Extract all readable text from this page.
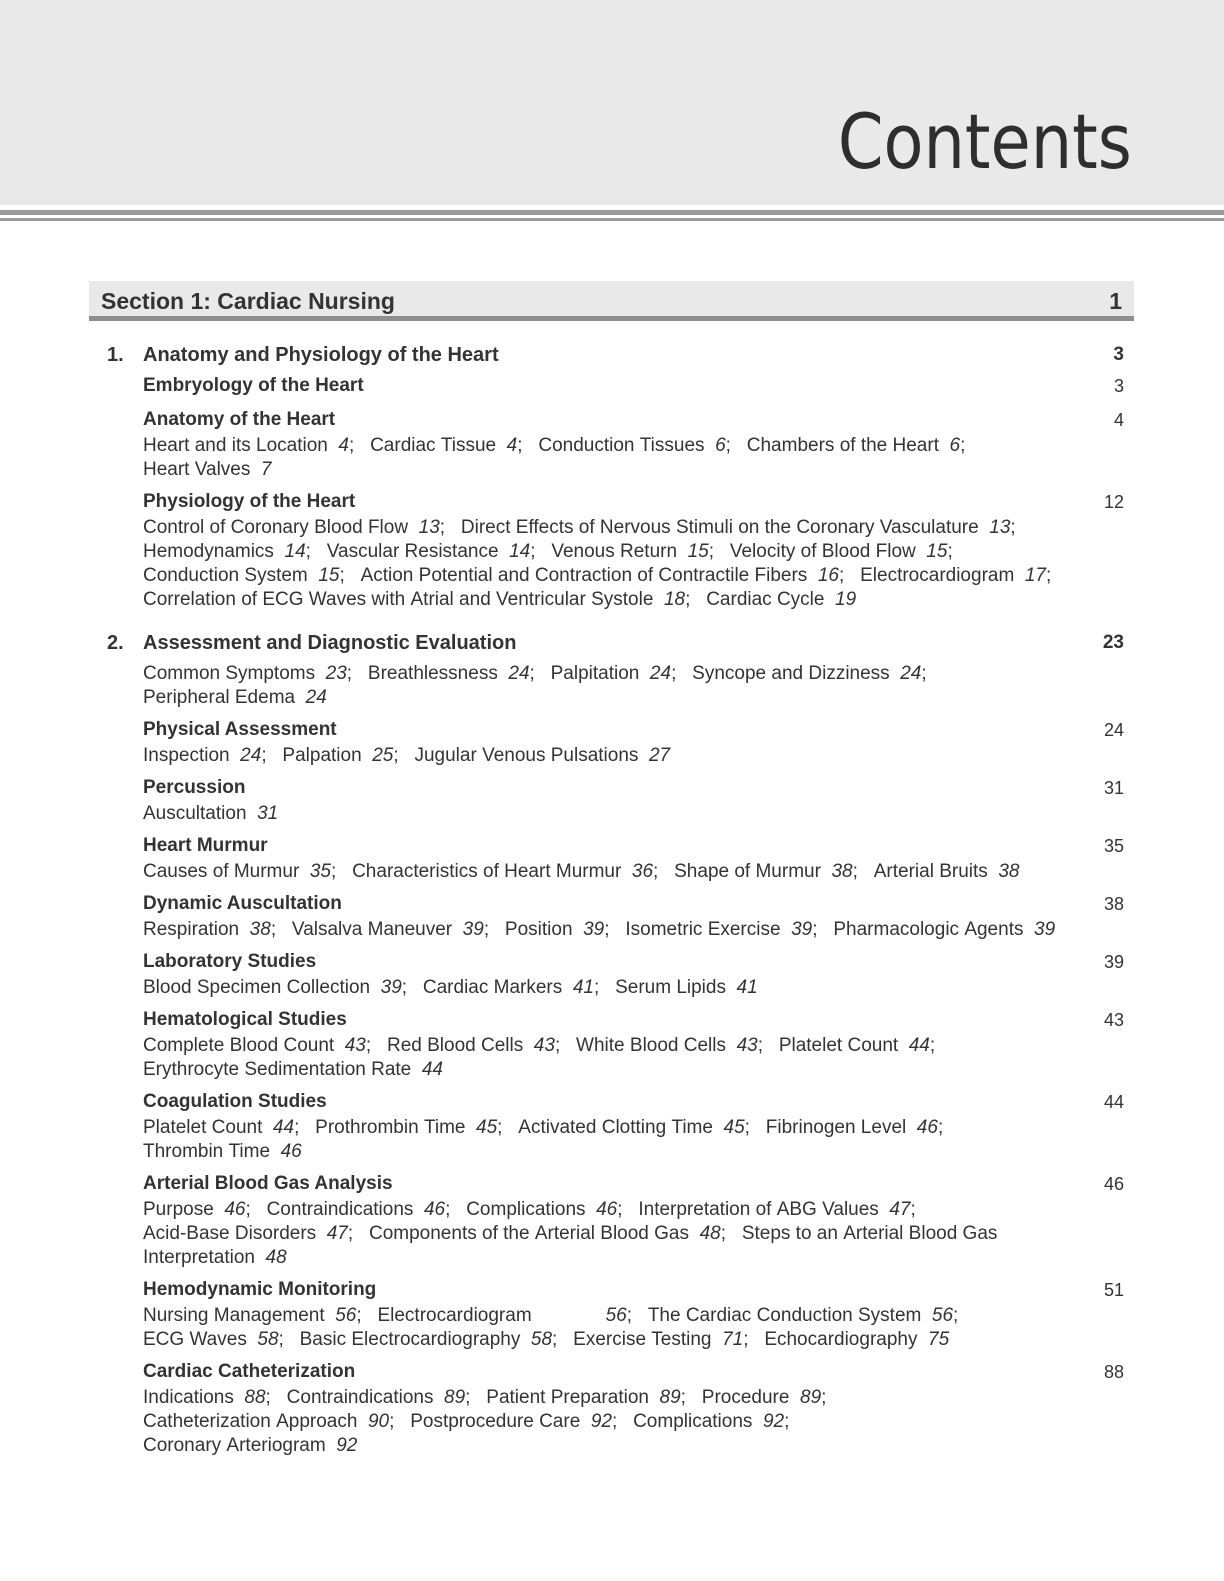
Contents
Section 1: Cardiac Nursing	1
1. Anatomy and Physiology of the Heart	3
Embryology of the Heart	3
Anatomy of the Heart	4
Heart and its Location  4;   Cardiac Tissue  4;   Conduction Tissues  6;   Chambers of the Heart  6;
Heart Valves  7
Physiology of the Heart	12
Control of Coronary Blood Flow  13;   Direct Effects of Nervous Stimuli on the Coronary Vasculature  13;
Hemodynamics  14;   Vascular Resistance  14;   Venous Return  15;   Velocity of Blood Flow  15;
Conduction System  15;   Action Potential and Contraction of Contractile Fibers  16;   Electrocardiogram  17;
Correlation of ECG Waves with Atrial and Ventricular Systole  18;   Cardiac Cycle  19
2. Assessment and Diagnostic Evaluation	23
Common Symptoms  23;   Breathlessness  24;   Palpitation  24;   Syncope and Dizziness  24;
Peripheral Edema  24
Physical Assessment	24
Inspection  24;   Palpation  25;   Jugular Venous Pulsations  27
Percussion	31
Auscultation  31
Heart Murmur	35
Causes of Murmur  35;   Characteristics of Heart Murmur  36;   Shape of Murmur  38;   Arterial Bruits  38
Dynamic Auscultation	38
Respiration  38;   Valsalva Maneuver  39;   Position  39;   Isometric Exercise  39;   Pharmacologic Agents  39
Laboratory Studies	39
Blood Specimen Collection  39;   Cardiac Markers  41;   Serum Lipids  41
Hematological Studies	43
Complete Blood Count  43;   Red Blood Cells  43;   White Blood Cells  43;   Platelet Count  44;
Erythrocyte Sedimentation Rate  44
Coagulation Studies	44
Platelet Count  44;   Prothrombin Time  45;   Activated Clotting Time  45;   Fibrinogen Level  46;
Thrombin Time  46
Arterial Blood Gas Analysis	46
Purpose  46;   Contraindications  46;   Complications  46;   Interpretation of ABG Values  47;
Acid-Base Disorders  47;   Components of the Arterial Blood Gas  48;   Steps to an Arterial Blood Gas
Interpretation  48
Hemodynamic Monitoring	51
Nursing Management  56;   Electrocardiogram              56;   The Cardiac Conduction System  56;
ECG Waves  58;   Basic Electrocardiography  58;   Exercise Testing  71;   Echocardiography  75
Cardiac Catheterization	88
Indications  88;   Contraindications  89;   Patient Preparation  89;   Procedure  89;
Catheterization Approach  90;   Postprocedure Care  92;   Complications  92;
Coronary Arteriogram  92
